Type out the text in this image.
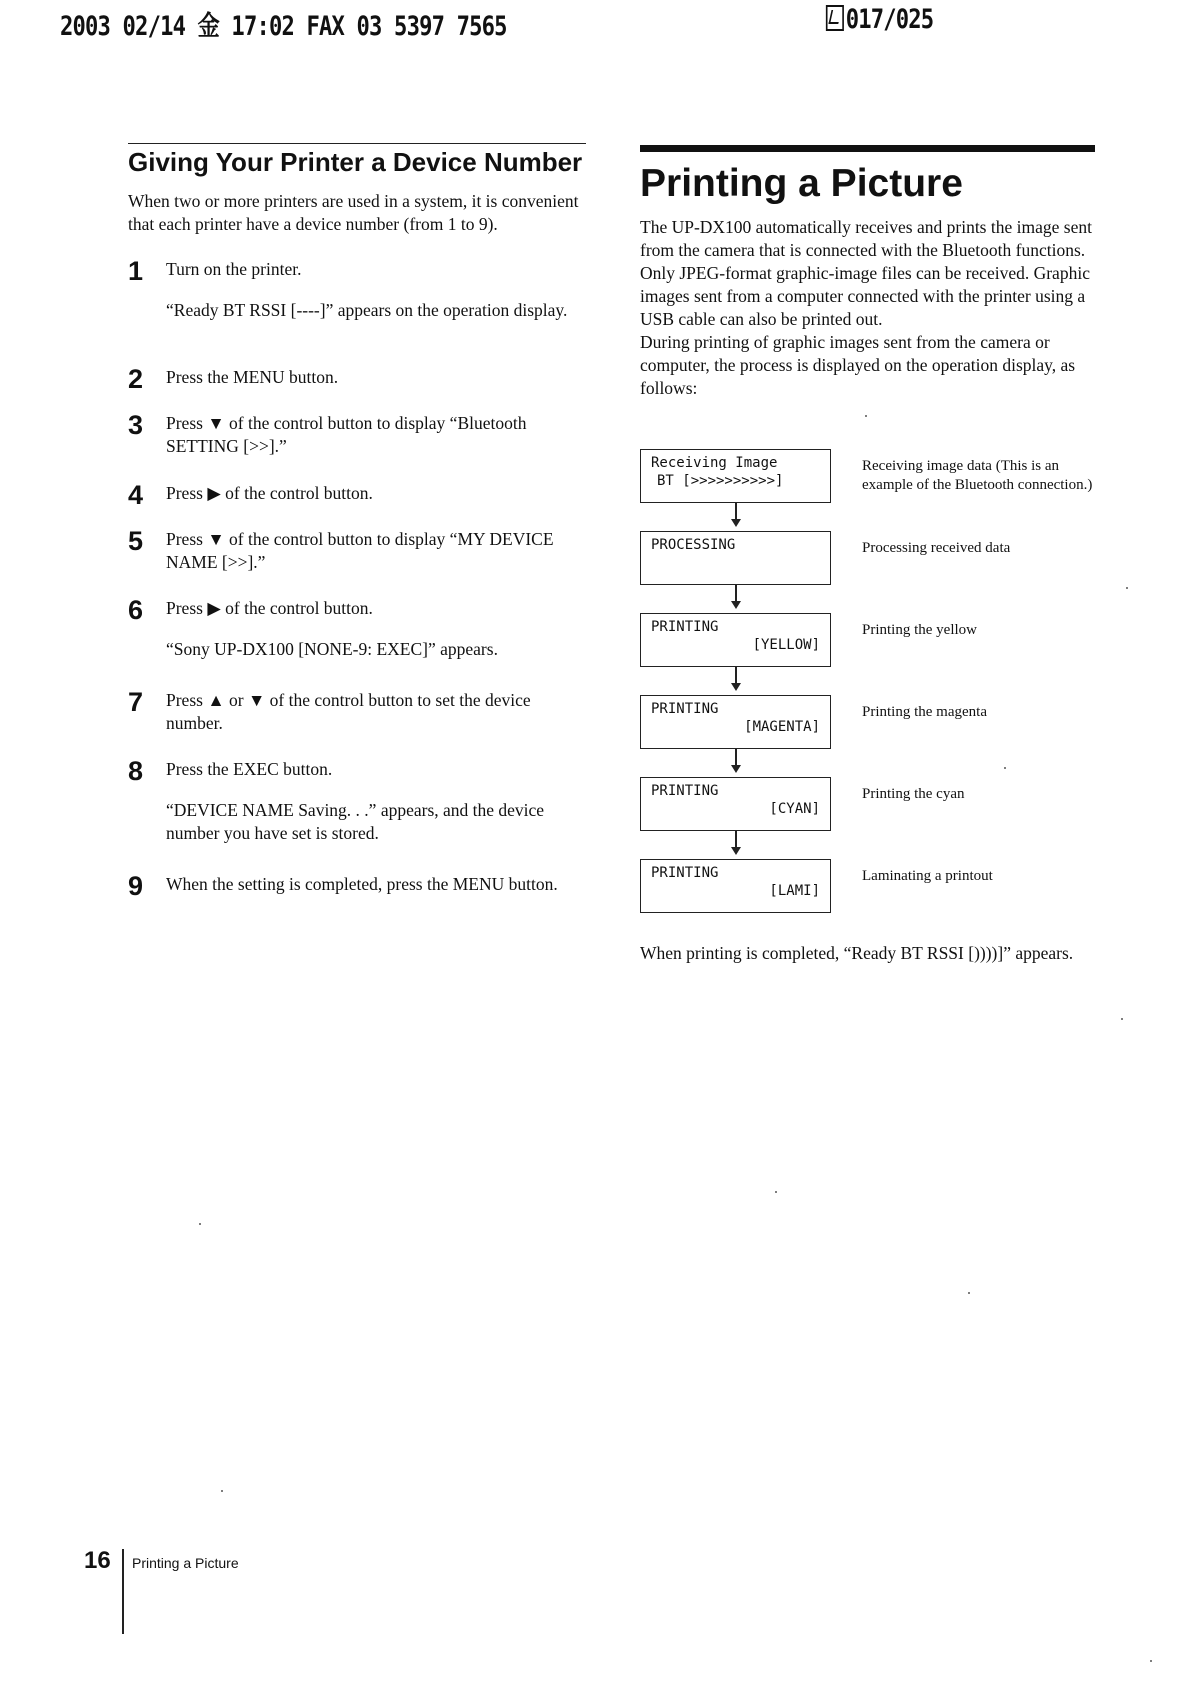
2003 02/14 金 17:02 FAX 03 5397 7565	017/025
Giving Your Printer a Device Number

When two or more printers are used in a system, it is convenient that each printer have a device number (from 1 to 9).

1 Turn on the printer.
“Ready BT RSSI [----]” appears on the operation display.
2 Press the MENU button.
3 Press ▼ of the control button to display “Bluetooth SETTING [>>].”
4 Press ▶ of the control button.
5 Press ▼ of the control button to display “MY DEVICE NAME [>>].”
6 Press ▶ of the control button.
“Sony UP-DX100 [NONE-9: EXEC]” appears.
7 Press ▲ or ▼ of the control button to set the device number.
8 Press the EXEC button.
“DEVICE NAME Saving. . .” appears, and the device number you have set is stored.
9 When the setting is completed, press the MENU button.
Printing a Picture

The UP-DX100 automatically receives and prints the image sent from the camera that is connected with the Bluetooth functions. Only JPEG-format graphic-image files can be received. Graphic images sent from a computer connected with the printer using a USB cable can also be printed out.

During printing of graphic images sent from the camera or computer, the process is displayed on the operation display, as follows:

Receiving Image
BT [>>>>>>>>>>]
Receiving image data (This is an example of the Bluetooth connection.)
PROCESSING	Processing received data
PRINTING
[YELLOW]
Printing the yellow
PRINTING
[MAGENTA]
Printing the magenta
PRINTING
[CYAN]
Printing the cyan
PRINTING
[LAMI]
Laminating a printout
When printing is completed, “Ready BT RSSI [))))]” appears.
16 Printing a Picture
